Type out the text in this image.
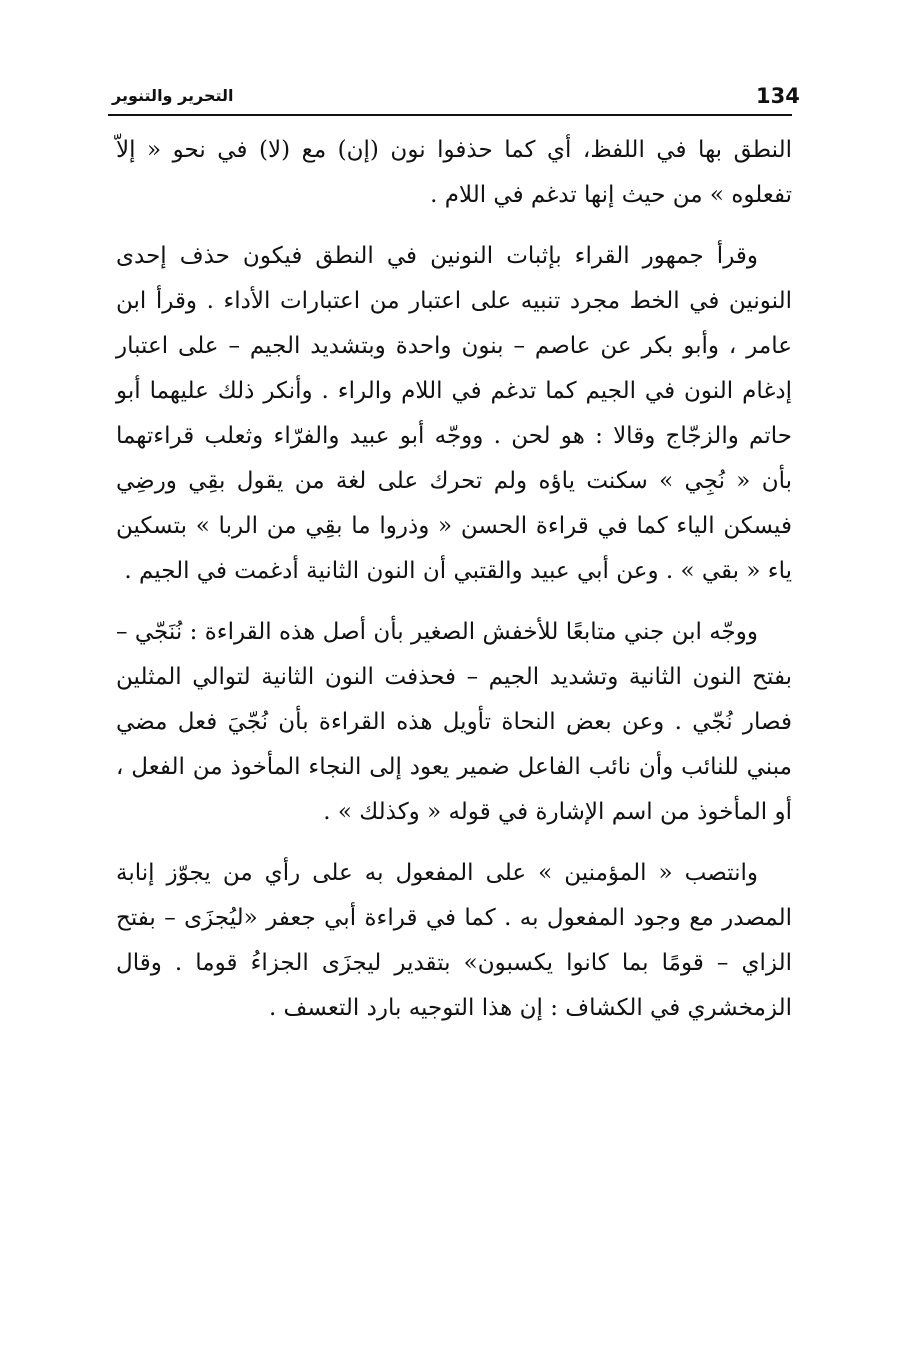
134
التحرير والتنوير

النطق بها في اللفظ، أي كما حذفوا نون (إن) مع (لا) في نحو « إلاّ تفعلوه » من حيث إنها تدغم في اللام .

وقرأ جمهور القراء بإثبات النونين في النطق فيكون حذف إحدى النونين في الخط مجرد تنبيه على اعتبار من اعتبارات الأداء . وقرأ ابن عامر ، وأبو بكر عن عاصم – بنون واحدة وبتشديد الجيم – على اعتبار إدغام النون في الجيم كما تدغم في اللام والراء . وأنكر ذلك عليهما أبو حاتم والزجّاج وقالا : هو لحن . ووجّه أبو عبيد والفرّاء وثعلب قراءتهما بأن « نُجِي » سكنت ياؤه ولم تحرك على لغة من يقول بقِي ورضِي فيسكن الياء كما في قراءة الحسن « وذروا ما بقِي من الربا » بتسكين ياء « بقي » . وعن أبي عبيد والقتبي أن النون الثانية أدغمت في الجيم .

ووجّه ابن جني متابعًا للأخفش الصغير بأن أصل هذه القراءة : نُنَجّي – بفتح النون الثانية وتشديد الجيم – فحذفت النون الثانية لتوالي المثلين فصار نُجّي . وعن بعض النحاة تأويل هذه القراءة بأن نُجّيَ فعل مضي مبني للنائب وأن نائب الفاعل ضمير يعود إلى النجاء المأخوذ من الفعل ، أو المأخوذ من اسم الإشارة في قوله « وكذلك » .

وانتصب « المؤمنين » على المفعول به على رأي من يجوّز إنابة المصدر مع وجود المفعول به . كما في قراءة أبي جعفر «ليُجزَى – بفتح الزاي – قومًا بما كانوا يكسبون» بتقدير ليجزَى الجزاءُ قوما . وقال الزمخشري في الكشاف : إن هذا التوجيه بارد التعسف .
